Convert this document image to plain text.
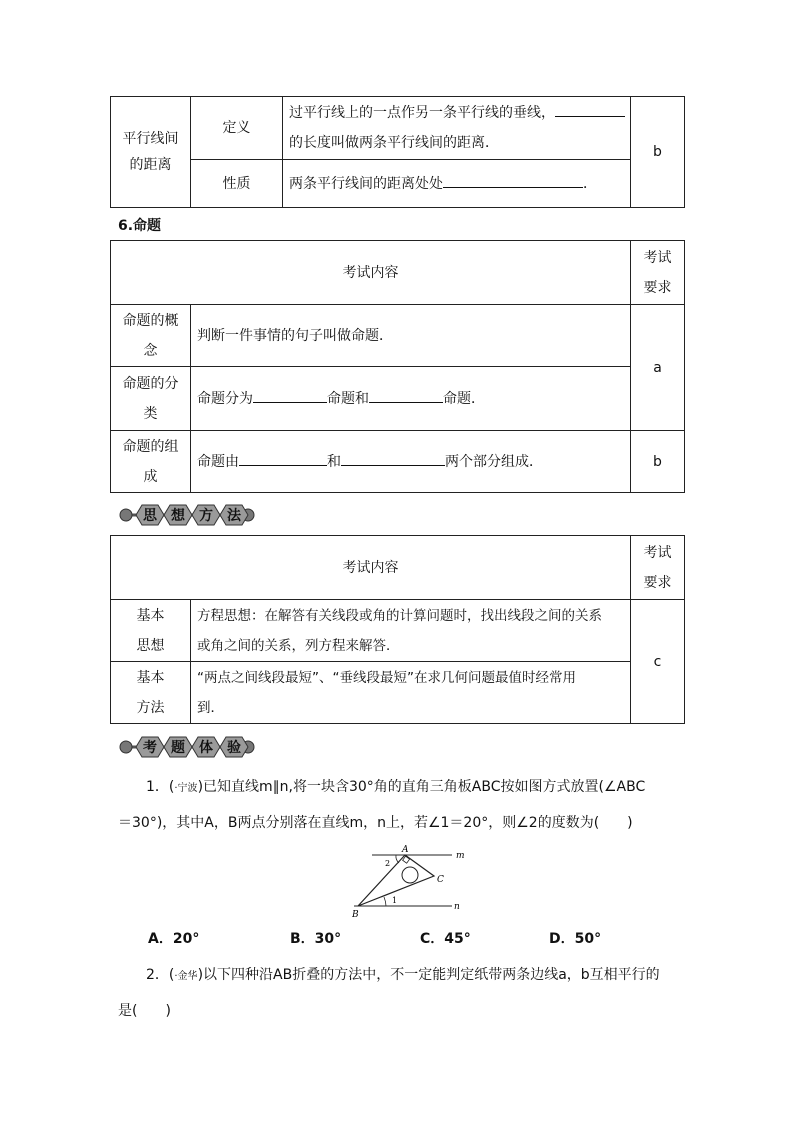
平行线间的距离	定义	过平行线上的一点作另一条平行线的垂线，
的长度叫做两条平行线间的距离．	b
	性质	两条平行线间的距离处处 ．	
6.命题
考试内容		考试
要求
命题的概
念	判断一件事情的句子叫做命题．	a
命题的分
类	命题分为 命题和 命题．	
命题的组
成	命题由 和 两个部分组成．	b
思 想 方 法
考试内容		考试
要求
基本
思想	方程思想：在解答有关线段或角的计算问题时，找出线段之间的关系
或角之间的关系，列方程来解答．	c
基本
方法	“两点之间线段最短”、“垂线段最短”在求几何问题最值时经常用
到．	
考 题 体 验
1．(·宁波)已知直线m∥n,将一块含30°角的直角三角板ABC按如图方式放置(∠ABC
＝30°)，其中A，B两点分别落在直线m，n上，若∠1＝20°，则∠2的度数为(　　)
A
B
C
m
n
1
2
A．20°	B．30°	C．45°	D．50°
2．(·金华)以下四种沿AB折叠的方法中，不一定能判定纸带两条边线a，b互相平行的
是(　　)
